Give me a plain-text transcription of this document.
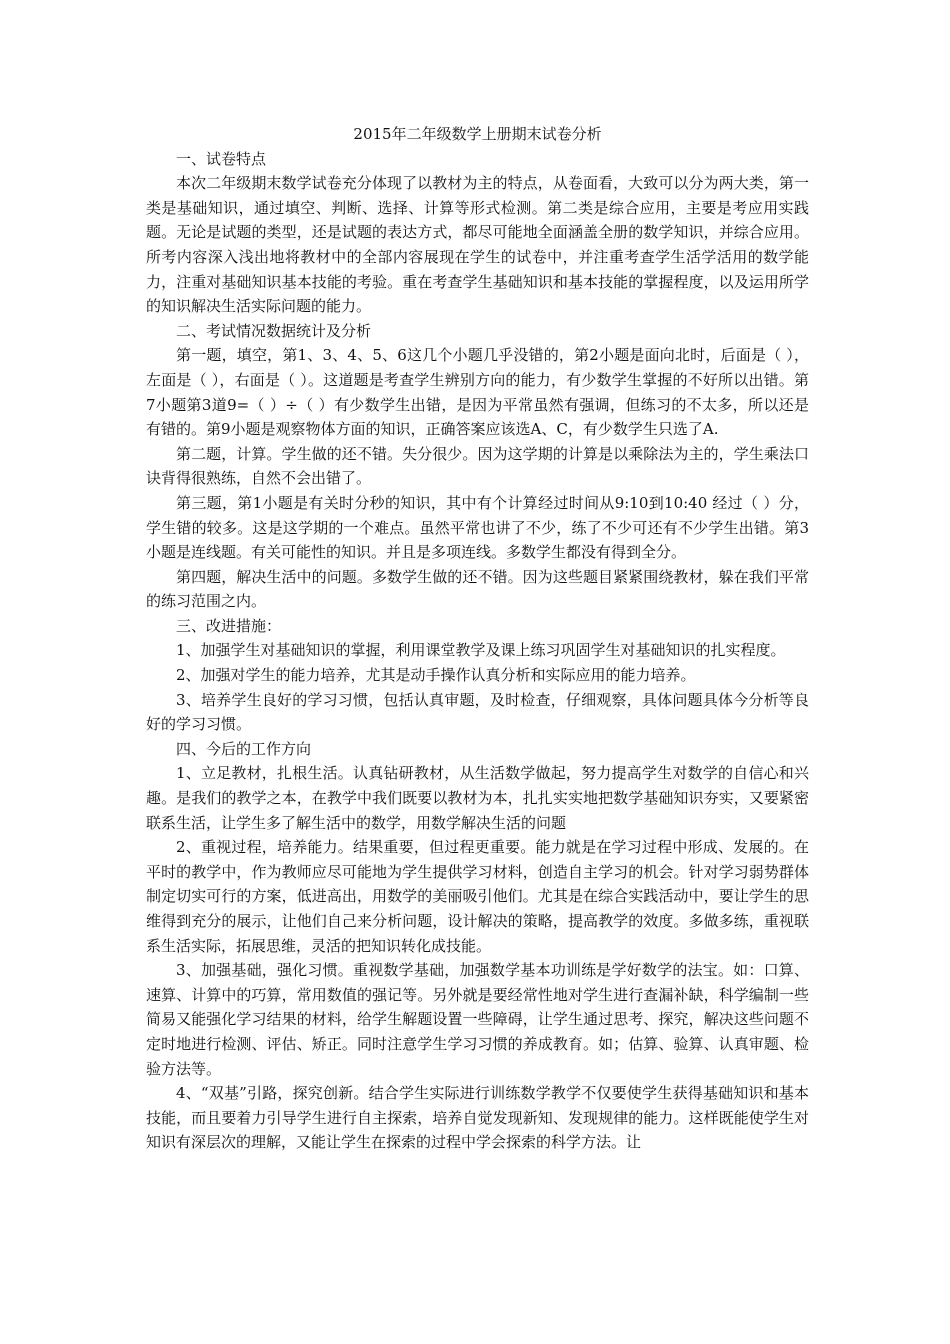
2015年二年级数学上册期末试卷分析

一、试卷特点

本次二年级期末数学试卷充分体现了以教材为主的特点，从卷面看，大致可以分为两大类，第一类是基础知识，通过填空、判断、选择、计算等形式检测。第二类是综合应用，主要是考应用实践题。无论是试题的类型，还是试题的表达方式，都尽可能地全面涵盖全册的数学知识，并综合应用。所考内容深入浅出地将教材中的全部内容展现在学生的试卷中，并注重考查学生活学活用的数学能力，注重对基础知识基本技能的考验。重在考查学生基础知识和基本技能的掌握程度，以及运用所学的知识解决生活实际问题的能力。

二、考试情况数据统计及分析

第一题，填空，第1、3、4、5、6这几个小题几乎没错的，第2小题是面向北时，后面是（ ），左面是（ ），右面是（ ）。这道题是考查学生辨别方向的能力，有少数学生掌握的不好所以出错。第7小题第3道9=（ ）÷（ ）有少数学生出错，是因为平常虽然有强调，但练习的不太多，所以还是有错的。第9小题是观察物体方面的知识，正确答案应该选A、C，有少数学生只选了A.

第二题，计算。学生做的还不错。失分很少。因为这学期的计算是以乘除法为主的，学生乘法口诀背得很熟练，自然不会出错了。

第三题，第1小题是有关时分秒的知识，其中有个计算经过时间从9:10到10:40 经过（ ）分，学生错的较多。这是这学期的一个难点。虽然平常也讲了不少，练了不少可还有不少学生出错。第3小题是连线题。有关可能性的知识。并且是多项连线。多数学生都没有得到全分。

第四题，解决生活中的问题。多数学生做的还不错。因为这些题目紧紧围绕教材，躲在我们平常的练习范围之内。

三、改进措施：

1、加强学生对基础知识的掌握，利用课堂教学及课上练习巩固学生对基础知识的扎实程度。

2、加强对学生的能力培养，尤其是动手操作认真分析和实际应用的能力培养。

3、培养学生良好的学习习惯，包括认真审题，及时检查，仔细观察，具体问题具体今分析等良好的学习习惯。

四、今后的工作方向

1、立足教材，扎根生活。认真钻研教材，从生活数学做起，努力提高学生对数学的自信心和兴趣。是我们的教学之本，在教学中我们既要以教材为本，扎扎实实地把数学基础知识夯实，又要紧密联系生活，让学生多了解生活中的数学，用数学解决生活的问题

2、重视过程，培养能力。结果重要，但过程更重要。能力就是在学习过程中形成、发展的。在平时的教学中，作为教师应尽可能地为学生提供学习材料，创造自主学习的机会。针对学习弱势群体制定切实可行的方案，低进高出，用数学的美丽吸引他们。尤其是在综合实践活动中，要让学生的思维得到充分的展示，让他们自己来分析问题，设计解决的策略，提高教学的效度。多做多练，重视联系生活实际，拓展思维，灵活的把知识转化成技能。

3、加强基础，强化习惯。重视数学基础，加强数学基本功训练是学好数学的法宝。如：口算、速算、计算中的巧算，常用数值的强记等。另外就是要经常性地对学生进行查漏补缺，科学编制一些简易又能强化学习结果的材料，给学生解题设置一些障碍，让学生通过思考、探究，解决这些问题不定时地进行检测、评估、矫正。同时注意学生学习习惯的养成教育。如；估算、验算、认真审题、检验方法等。

4、“双基”引路，探究创新。结合学生实际进行训练数学教学不仅要使学生获得基础知识和基本技能，而且要着力引导学生进行自主探索，培养自觉发现新知、发现规律的能力。这样既能使学生对知识有深层次的理解，又能让学生在探索的过程中学会探索的科学方法。让
